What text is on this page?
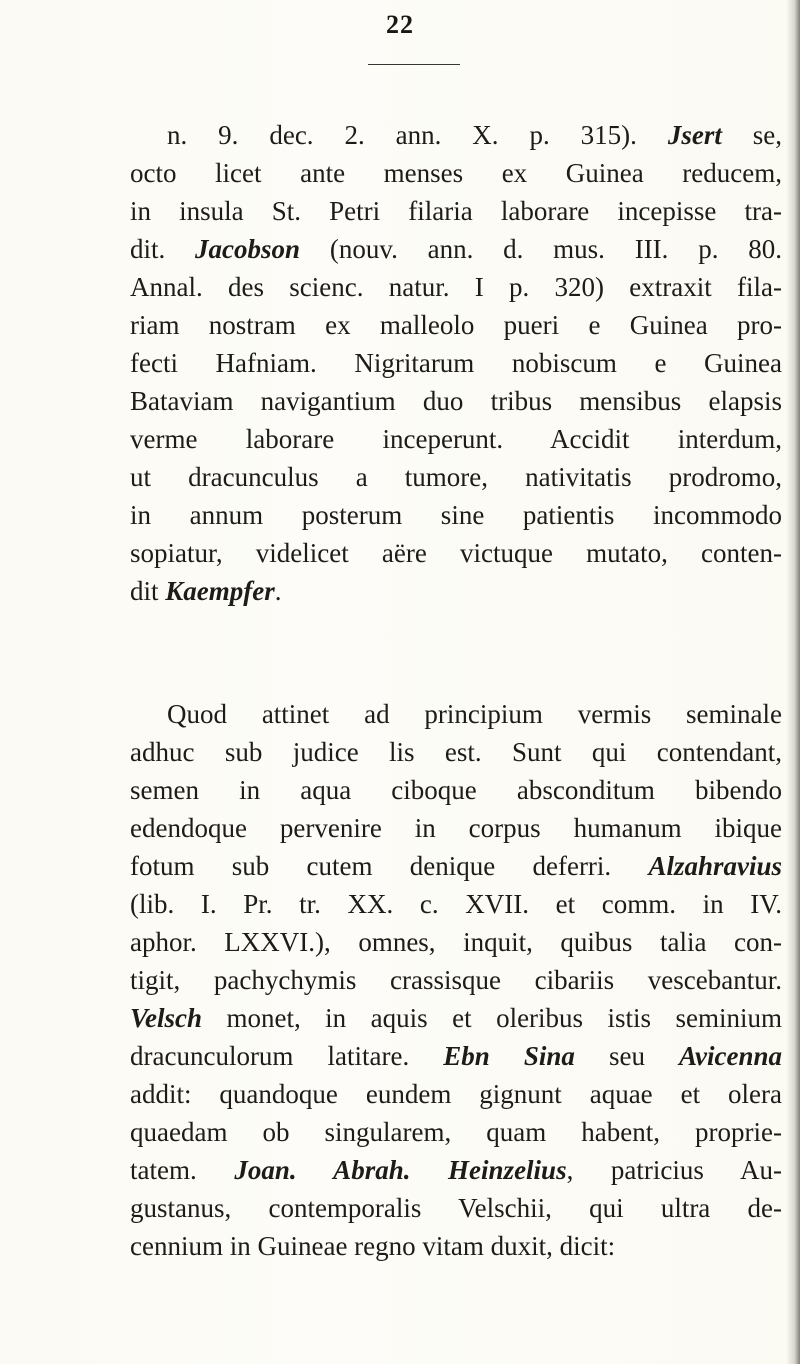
22
n. 9. dec. 2. ann. X. p. 315). Jsert se,
octo licet ante menses ex Guinea reducem,
in insula St. Petri filaria laborare incepisse tra-
dit. Jacobson (nouv. ann. d. mus. III. p. 80.
Annal. des scienc. natur. I p. 320) extraxit fila-
riam nostram ex malleolo pueri e Guinea pro-
fecti Hafniam. Nigritarum nobiscum e Guinea
Bataviam navigantium duo tribus mensibus elapsis
verme laborare inceperunt. Accidit interdum,
ut dracunculus a tumore, nativitatis prodromo,
in annum posterum sine patientis incommodo
sopiatur, videlicet aëre victuque mutato, conten-
dit Kaempfer.
Quod attinet ad principium vermis seminale
adhuc sub judice lis est. Sunt qui contendant,
semen in aqua ciboque absconditum bibendo
edendoque pervenire in corpus humanum ibique
fotum sub cutem denique deferri. Alzahravius
(lib. I. Pr. tr. XX. c. XVII. et comm. in IV.
aphor. LXXVI.), omnes, inquit, quibus talia con-
tigit, pachychymis crassisque cibariis vescebantur.
Velsch monet, in aquis et oleribus istis seminium
dracunculorum latitare. Ebn Sina seu Avicenna
addit: quandoque eundem gignunt aquae et olera
quaedam ob singularem, quam habent, proprie-
tatem. Joan. Abrah. Heinzelius, patricius Au-
gustanus, contemporalis Velschii, qui ultra de-
cennium in Guineae regno vitam duxit, dicit:
